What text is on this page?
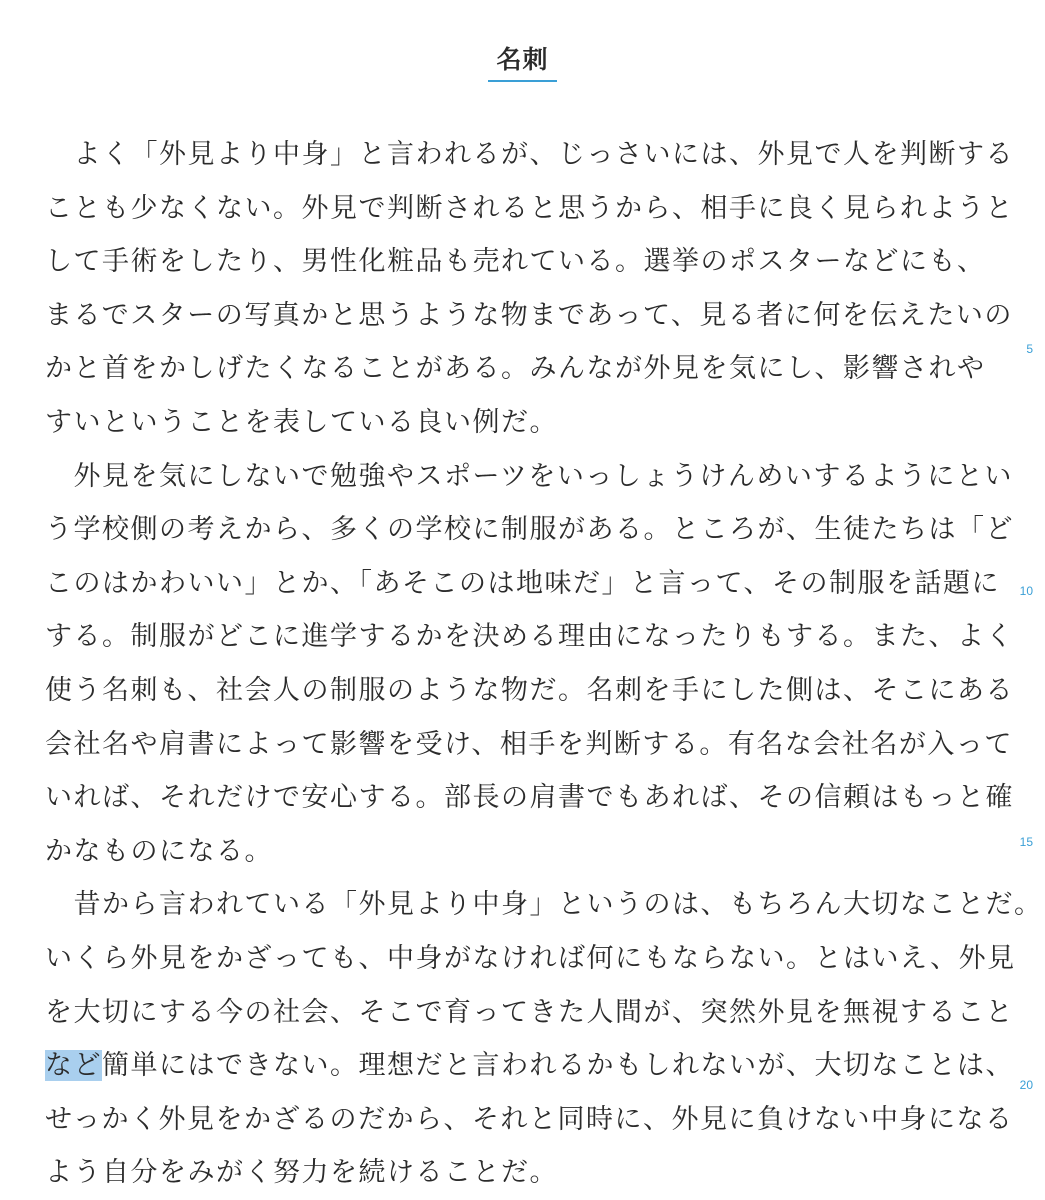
名刺
　よく「外見より中身」と言われるが、じっさいには、外見で人を判断する
ことも少なくない。外見で判断されると思うから、相手に良く見られようと
して手術をしたり、男性化粧品も売れている。選挙のポスターなどにも、
まるでスターの写真かと思うような物まであって、見る者に何を伝えたいの
かと首をかしげたくなることがある。みんなが外見を気にし、影響されや
すいということを表している良い例だ。
　外見を気にしないで勉強やスポーツをいっしょうけんめいするようにとい
う学校側の考えから、多くの学校に制服がある。ところが、生徒たちは「ど
このはかわいい」とか、「あそこのは地味だ」と言って、その制服を話題に
する。制服がどこに進学するかを決める理由になったりもする。また、よく
使う名刺も、社会人の制服のような物だ。名刺を手にした側は、そこにある
会社名や肩書によって影響を受け、相手を判断する。有名な会社名が入って
いれば、それだけで安心する。部長の肩書でもあれば、その信頼はもっと確
かなものになる。
　昔から言われている「外見より中身」というのは、もちろん大切なことだ。
いくら外見をかざっても、中身がなければ何にもならない。とはいえ、外見
を大切にする今の社会、そこで育ってきた人間が、突然外見を無視すること
など簡単にはできない。理想だと言われるかもしれないが、大切なことは、
せっかく外見をかざるのだから、それと同時に、外見に負けない中身になる
よう自分をみがく努力を続けることだ。
5
10
15
20
